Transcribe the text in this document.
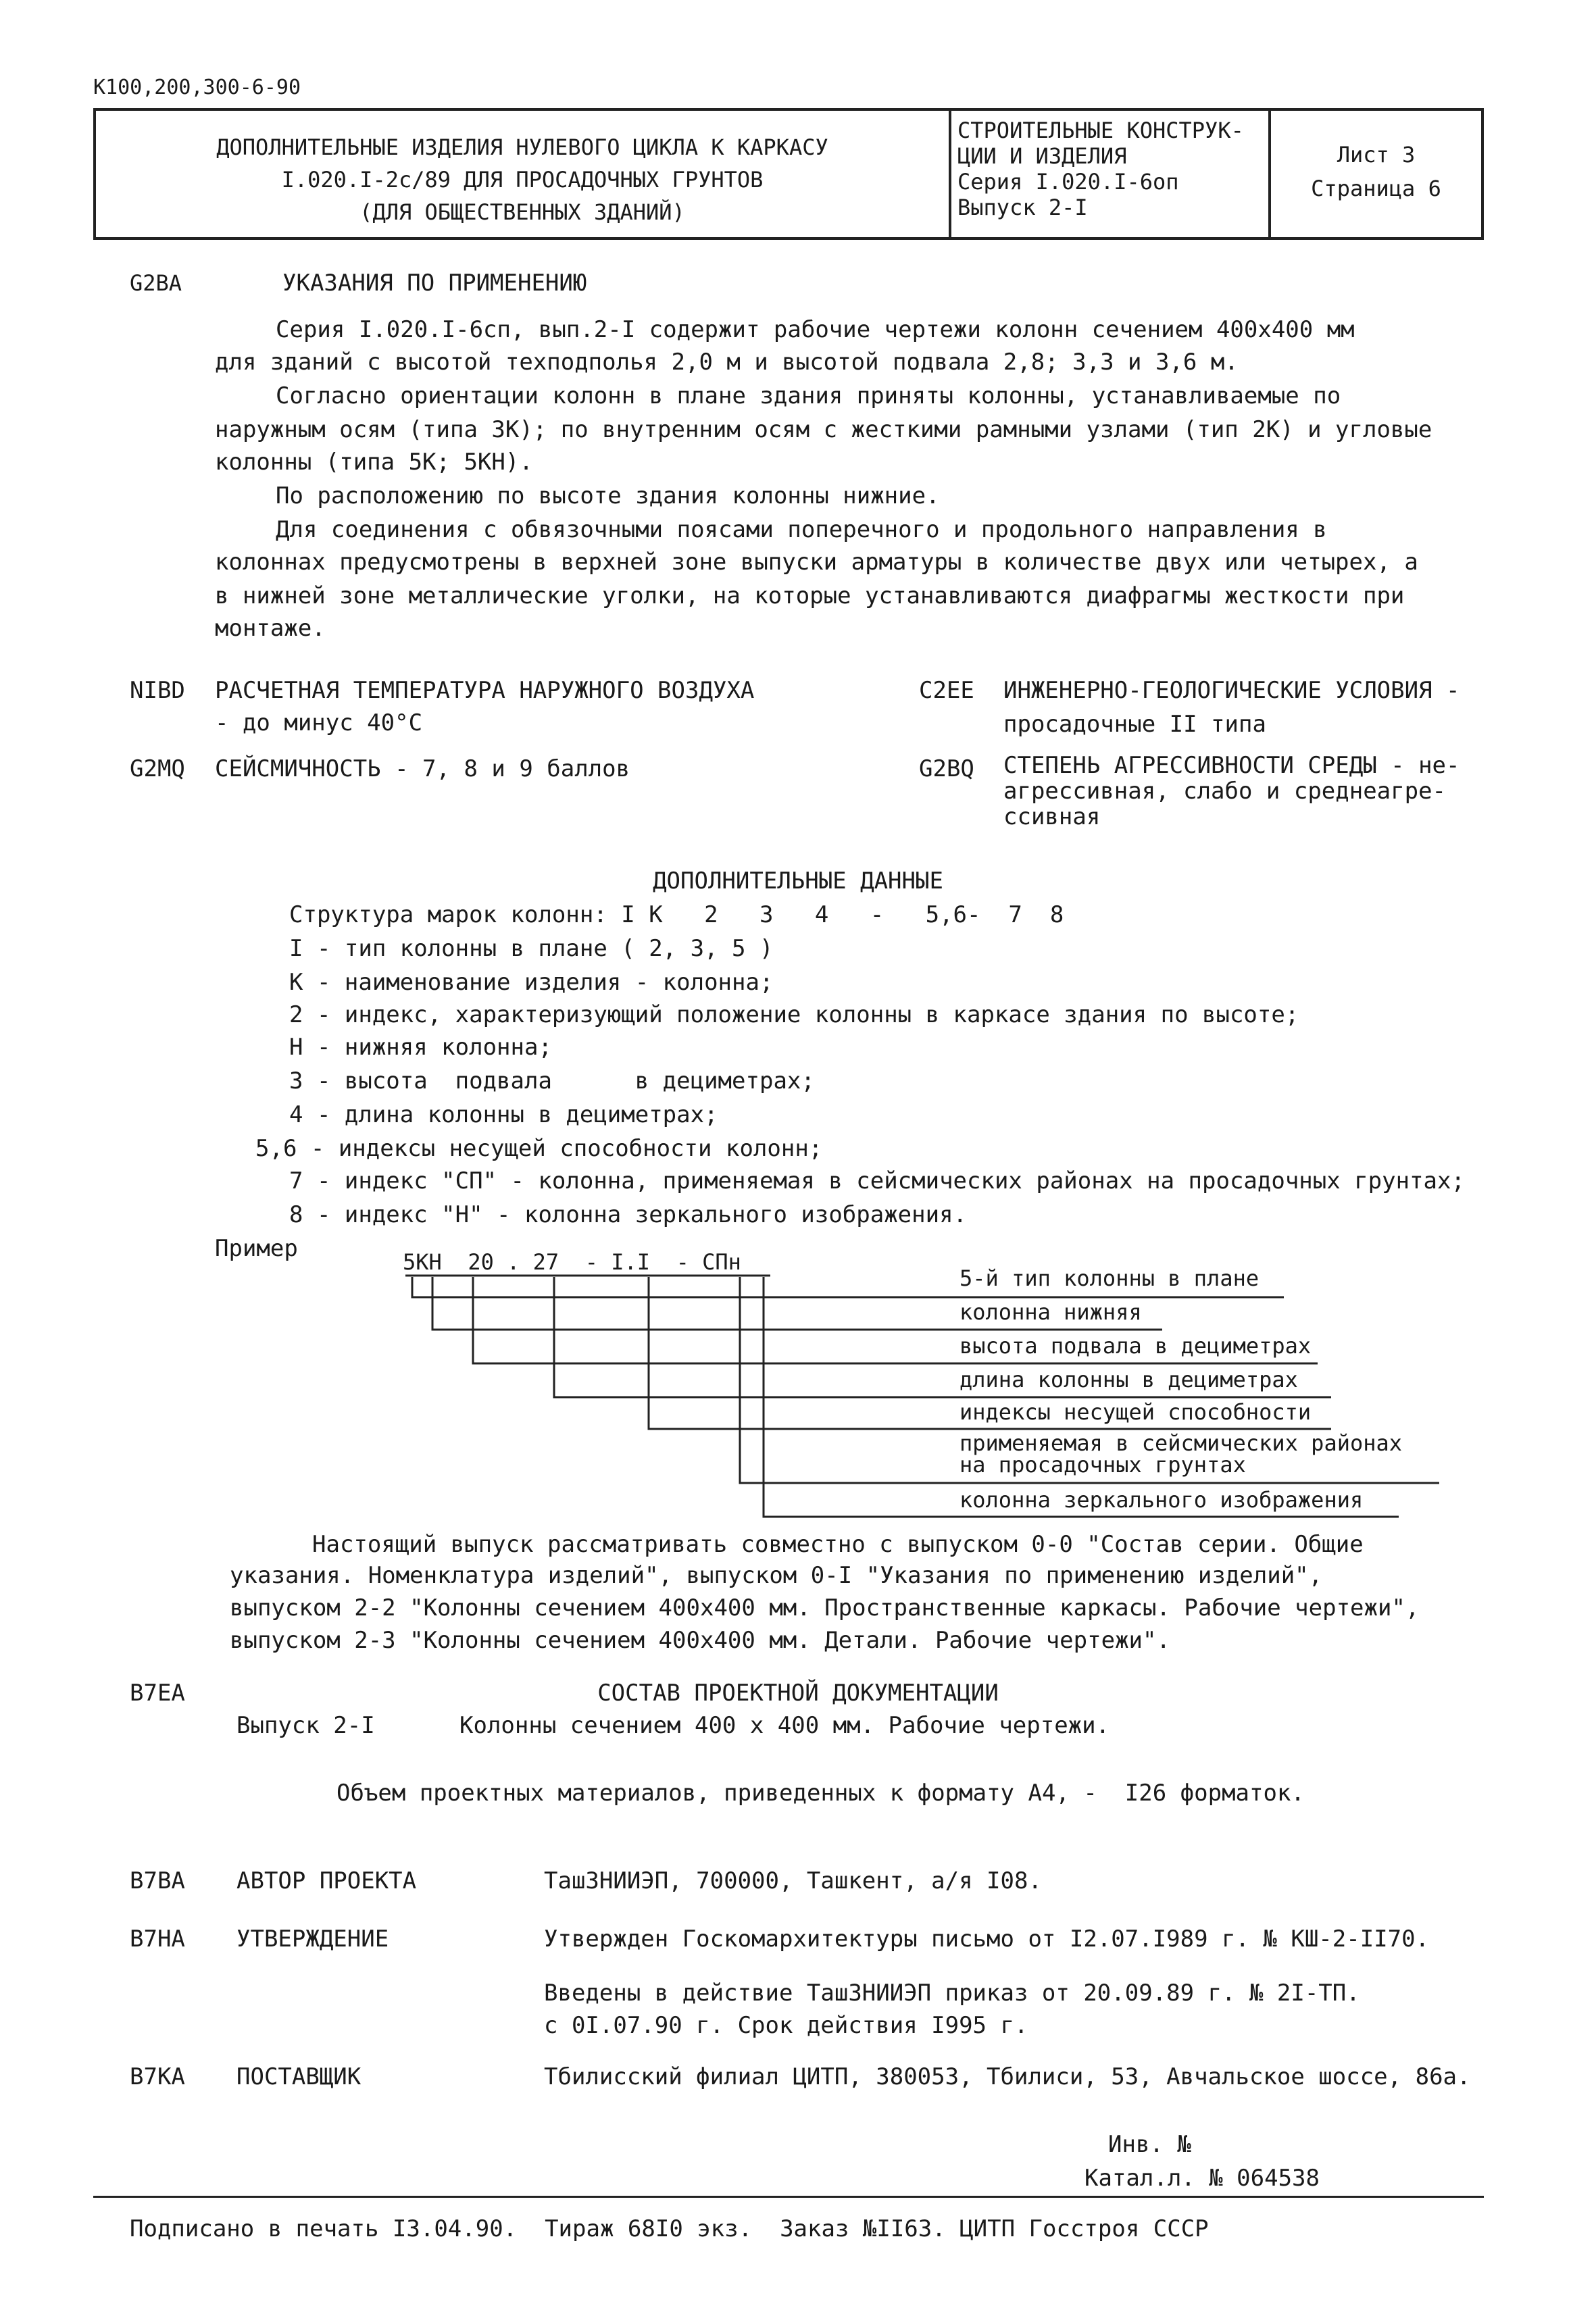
К100,200,300-6-90
ДОПОЛНИТЕЛЬНЫЕ ИЗДЕЛИЯ НУЛЕВОГО ЦИКЛА К КАРКАСУ
I.020.I-2с/89 ДЛЯ ПРОСАДОЧНЫХ ГРУНТОВ
(ДЛЯ ОБЩЕСТВЕННЫХ ЗДАНИЙ)
СТРОИТЕЛЬНЫЕ КОНСТРУК-
ЦИИ И ИЗДЕЛИЯ
Серия I.020.I-6оп
Выпуск 2-I
Лист 3
Страница 6
G2BA	УКАЗАНИЯ ПО ПРИМЕНЕНИЮ
Серия I.020.I-6сп, вып.2-I содержит рабочие чертежи колонн сечением 400х400 мм
для зданий с высотой техподполья 2,0 м и высотой подвала 2,8; 3,3 и 3,6 м.
Согласно ориентации колонн в плане здания приняты колонны, устанавливаемые по
наружным осям (типа 3К); по внутренним осям с жесткими рамными узлами (тип 2К) и угловые
колонны (типа 5К; 5КН).
По расположению по высоте здания колонны нижние.
Для соединения с обвязочными поясами поперечного и продольного направления в
колоннах предусмотрены в верхней зоне выпуски арматуры в количестве двух или четырех, а
в нижней зоне металлические уголки, на которые устанавливаются диафрагмы жесткости при
монтаже.
NIBD РАСЧЕТНАЯ ТЕМПЕРАТУРА НАРУЖНОГО ВОЗДУХА
- до минус 40°С
C2EE ИНЖЕНЕРНО-ГЕОЛОГИЧЕСКИЕ УСЛОВИЯ -
просадочные II типа
G2MQ СЕЙСМИЧНОСТЬ - 7, 8 и 9 баллов	G2BQ СТЕПЕНЬ АГРЕССИВНОСТИ СРЕДЫ - не-
агрессивная, слабо и среднеагре-
ссивная
ДОПОЛНИТЕЛЬНЫЕ ДАННЫЕ
Структура марок колонн: I К   2   3   4   -   5,6-  7  8
I - тип колонны в плане ( 2, 3, 5 )
К - наименование изделия - колонна;
2 - индекс, характеризующий положение колонны в каркасе здания по высоте;
Н - нижняя колонна;
3 - высота  подвала      в дециметрах;
4 - длина колонны в дециметрах;
5,6 - индексы несущей способности колонн;
7 - индекс "СП" - колонна, применяемая в сейсмических районах на просадочных грунтах;
8 - индекс "Н" - колонна зеркального изображения.
Пример	5КН  20 . 27  - I.I  - СПн
5-й тип колонны в плане
колонна нижняя
высота подвала в дециметрах
длина колонны в дециметрах
индексы несущей способности
применяемая в сейсмических районах
на просадочных грунтах
колонна зеркального изображения
Настоящий выпуск рассматривать совместно с выпуском 0-0 "Состав серии. Общие
указания. Номенклатура изделий", выпуском 0-I "Указания по применению изделий",
выпуском 2-2 "Колонны сечением 400х400 мм. Пространственные каркасы. Рабочие чертежи",
выпуском 2-3 "Колонны сечением 400х400 мм. Детали. Рабочие чертежи".
B7EA	СОСТАВ ПРОЕКТНОЙ ДОКУМЕНТАЦИИ
Выпуск 2-I	Колонны сечением 400 х 400 мм. Рабочие чертежи.
Объем проектных материалов, приведенных к формату А4, -  I26 форматок.
B7BA АВТОР ПРОЕКТА	ТашЗНИИЭП, 700000, Ташкент, а/я I08.
B7HA УТВЕРЖДЕНИЕ	Утвержден Госкомархитектуры письмо от I2.07.I989 г. № КШ-2-II70.
Введены в действие ТашЗНИИЭП приказ от 20.09.89 г. № 2I-ТП.
с 0I.07.90 г. Срок действия I995 г.
B7KA ПОСТАВЩИК	Тбилисский филиал ЦИТП, 380053, Тбилиси, 53, Авчальское шоссе, 86а.
Инв. №
Катал.л. № 064538
Подписано в печать I3.04.90.  Тираж 68I0 экз.  Заказ №II63. ЦИТП Госстроя СССР
